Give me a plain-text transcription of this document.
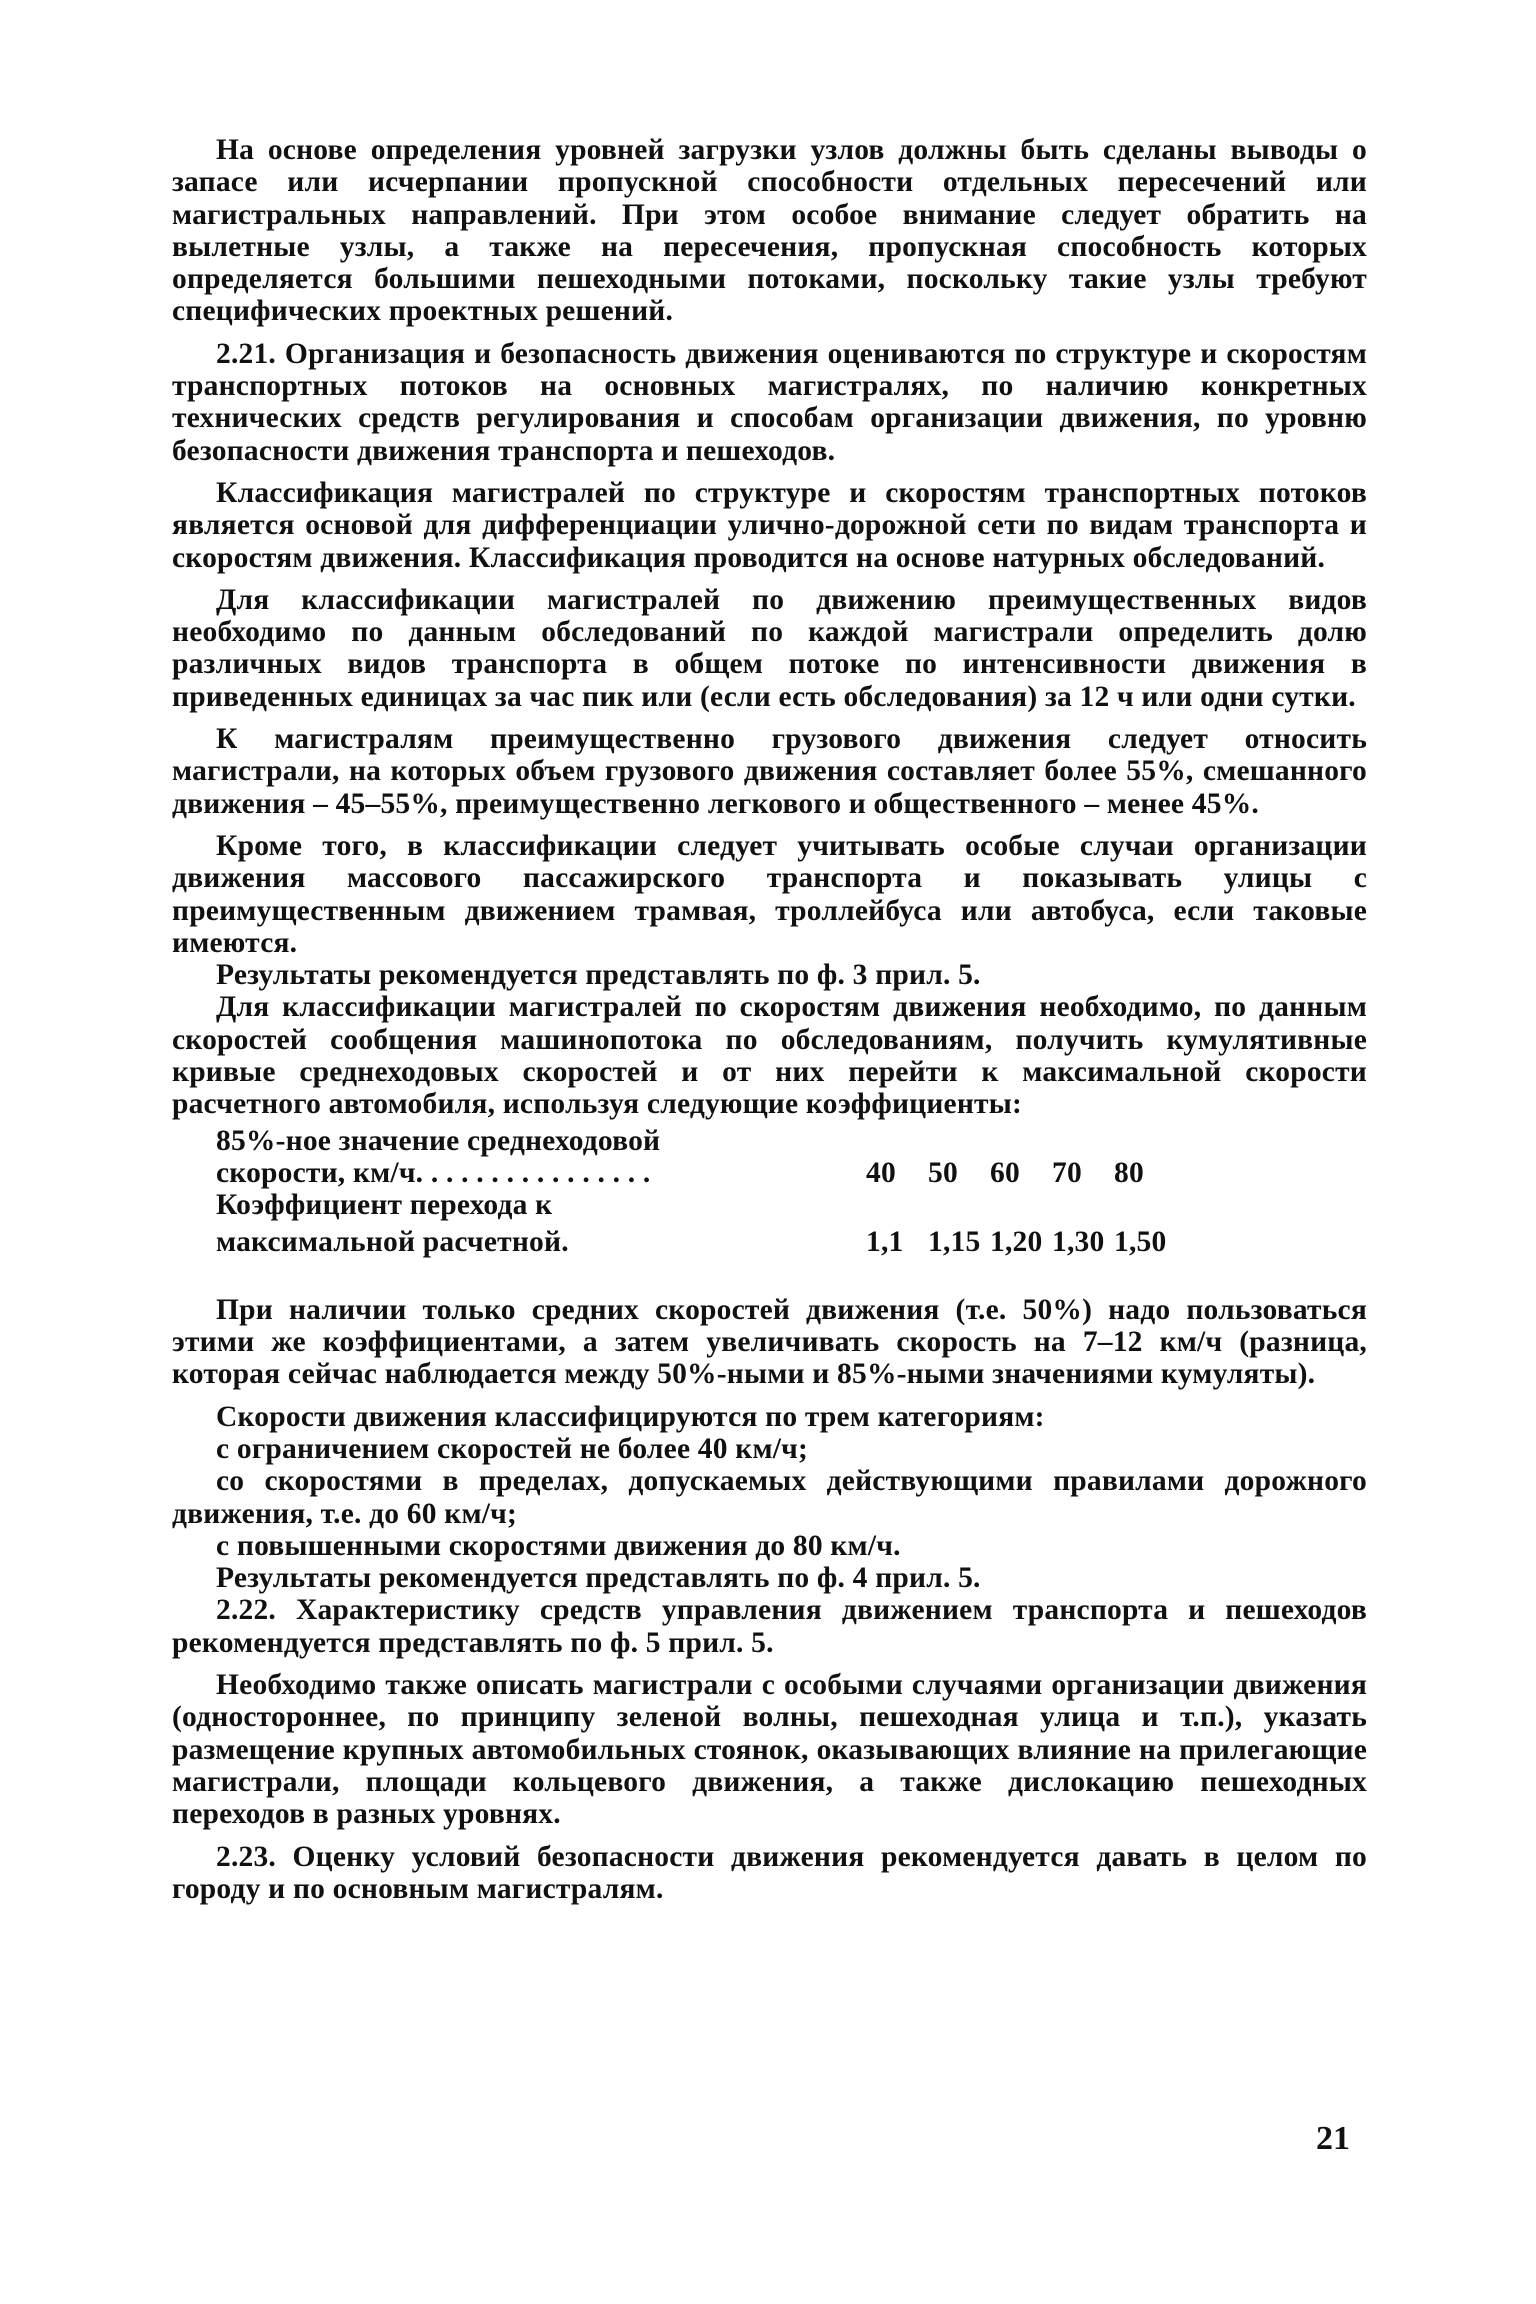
На основе определения уровней загрузки узлов должны быть сделаны выводы о запасе или исчерпании пропускной способности отдельных пересечений или магистральных направлений. При этом особое внимание следует обратить на вылетные узлы, а также на пересечения, пропускная способность которых определяется большими пешеходными потоками, поскольку такие узлы требуют специфических проектных решений.

2.21. Организация и безопасность движения оцениваются по структуре и скоростям транспортных потоков на основных магистралях, по наличию конкретных технических средств регулирования и способам организации движения, по уровню безопасности движения транспорта и пешеходов.

Классификация магистралей по структуре и скоростям транспортных потоков является основой для дифференциации улично-дорожной сети по видам транспорта и скоростям движения. Классификация проводится на основе натурных обследований.

Для классификации магистралей по движению преимущественных видов необходимо по данным обследований по каждой магистрали определить долю различных видов транспорта в общем потоке по интенсивности движения в приведенных единицах за час пик или (если есть обследования) за 12 ч или одни сутки.

К магистралям преимущественно грузового движения следует относить магистрали, на которых объем грузового движения составляет более 55%, смешанного движения – 45–55%, преимущественно легкового и общественного – менее 45%.

Кроме того, в классификации следует учитывать особые случаи организации движения массового пассажирского транспорта и показывать улицы с преимущественным движением трамвая, троллейбуса или автобуса, если таковые имеются.

Результаты рекомендуется представлять по ф. 3 прил. 5.

Для классификации магистралей по скоростям движения необходимо, по данным скоростей сообщения машинопотока по обследованиям, получить кумулятивные кривые среднеходовых скоростей и от них перейти к максимальной скорости расчетного автомобиля, используя следующие коэффициенты:

85%-ное значение среднеходовой
скорости, км/ч. . . . . . . . . . . . . . . .	40	50	60	70	80
Коэффициент перехода к
максимальной расчетной.	1,1 1,15 1,20 1,30 1,50

При наличии только средних скоростей движения (т.е. 50%) надо пользоваться этими же коэффициентами, а затем увеличивать скорость на 7–12 км/ч (разница, которая сейчас наблюдается между 50%-ными и 85%-ными значениями кумуляты).

Скорости движения классифицируются по трем категориям:

с ограничением скоростей не более 40 км/ч;

со скоростями в пределах, допускаемых действующими правилами дорожного движения, т.е. до 60 км/ч;

с повышенными скоростями движения до 80 км/ч.

Результаты рекомендуется представлять по ф. 4 прил. 5.

2.22. Характеристику средств управления движением транспорта и пешеходов рекомендуется представлять по ф. 5 прил. 5.

Необходимо также описать магистрали с особыми случаями организации движения (одностороннее, по принципу зеленой волны, пешеходная улица и т.п.), указать размещение крупных автомобильных стоянок, оказывающих влияние на прилегающие магистрали, площади кольцевого движения, а также дислокацию пешеходных переходов в разных уровнях.

2.23. Оценку условий безопасности движения рекомендуется давать в целом по городу и по основным магистралям.

21
